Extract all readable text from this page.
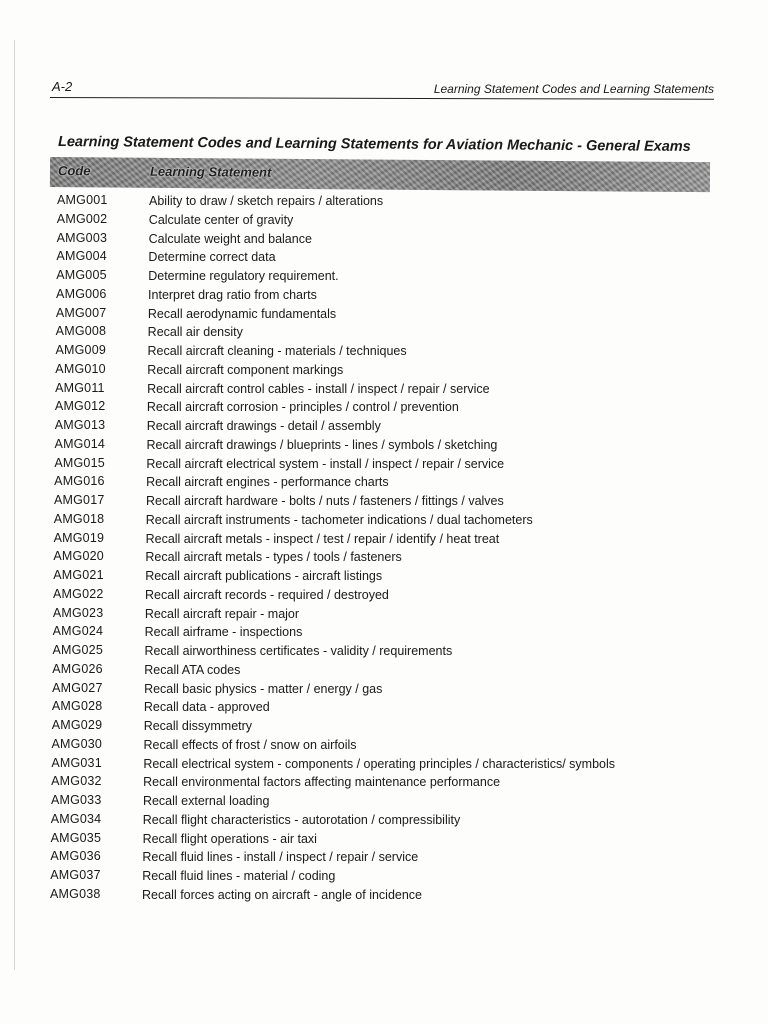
A-2	Learning Statement Codes and Learning Statements
Learning Statement Codes and Learning Statements for Aviation Mechanic - General Exams
Code	Learning Statement
AMG001	Ability to draw / sketch repairs / alterations
AMG002	Calculate center of gravity
AMG003	Calculate weight and balance
AMG004	Determine correct data
AMG005	Determine regulatory requirement.
AMG006	Interpret drag ratio from charts
AMG007	Recall aerodynamic fundamentals
AMG008	Recall air density
AMG009	Recall aircraft cleaning - materials / techniques
AMG010	Recall aircraft component markings
AMG011	Recall aircraft control cables - install / inspect / repair / service
AMG012	Recall aircraft corrosion - principles / control / prevention
AMG013	Recall aircraft drawings - detail / assembly
AMG014	Recall aircraft drawings / blueprints - lines / symbols / sketching
AMG015	Recall aircraft electrical system - install / inspect / repair / service
AMG016	Recall aircraft engines - performance charts
AMG017	Recall aircraft hardware - bolts / nuts / fasteners / fittings / valves
AMG018	Recall aircraft instruments - tachometer indications / dual tachometers
AMG019	Recall aircraft metals - inspect / test / repair / identify / heat treat
AMG020	Recall aircraft metals - types / tools / fasteners
AMG021	Recall aircraft publications - aircraft listings
AMG022	Recall aircraft records - required / destroyed
AMG023	Recall aircraft repair - major
AMG024	Recall airframe - inspections
AMG025	Recall airworthiness certificates - validity / requirements
AMG026	Recall ATA codes
AMG027	Recall basic physics - matter / energy / gas
AMG028	Recall data - approved
AMG029	Recall dissymmetry
AMG030	Recall effects of frost / snow on airfoils
AMG031	Recall electrical system - components / operating principles / characteristics/ symbols
AMG032	Recall environmental factors affecting maintenance performance
AMG033	Recall external loading
AMG034	Recall flight characteristics - autorotation / compressibility
AMG035	Recall flight operations - air taxi
AMG036	Recall fluid lines - install / inspect / repair / service
AMG037	Recall fluid lines - material / coding
AMG038	Recall forces acting on aircraft - angle of incidence
